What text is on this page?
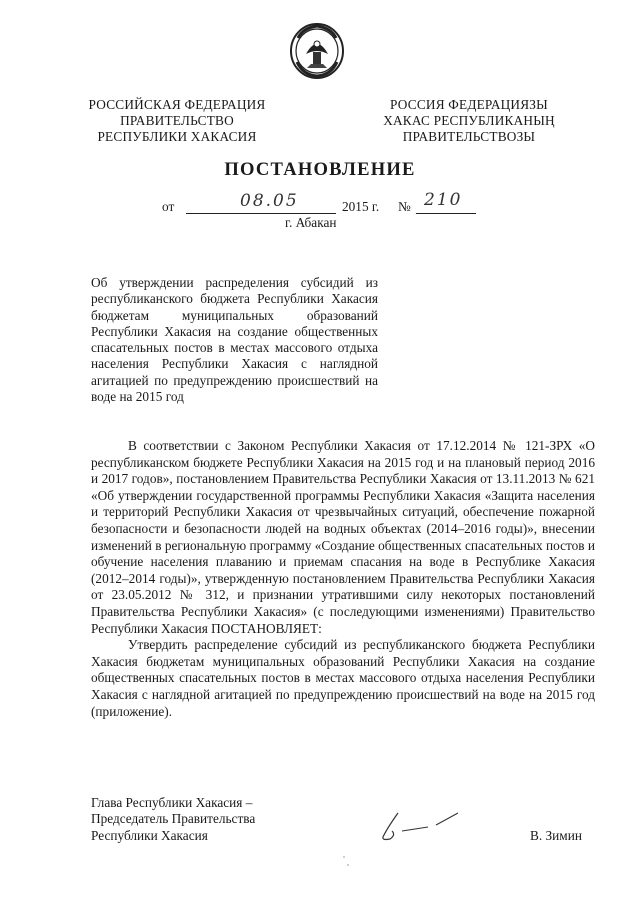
РОССИЙСКАЯ ФЕДЕРАЦИЯ
ПРАВИТЕЛЬСТВО
РЕСПУБЛИКИ ХАКАСИЯ
РОССИЯ ФЕДЕРАЦИЯЗЫ
ХАКАС РЕСПУБЛИКАНЫҢ
ПРАВИТЕЛЬСТВОЗЫ
ПОСТАНОВЛЕНИЕ
от	08.05	2015 г. № 210
г. Абакан
Об утверждении распределения субсидий из республиканского бюджета Республики Хакасия бюджетам муниципальных образований Республики Хакасия на создание общественных спасательных постов в местах массового отдыха населения Республики Хакасия с наглядной агитацией по предупреждению происшествий на воде на 2015 год

В соответствии с Законом Республики Хакасия от 17.12.2014 № 121-ЗРХ «О республиканском бюджете Республики Хакасия на 2015 год и на плановый период 2016 и 2017 годов», постановлением Правительства Республики Хакасия от 13.11.2013 № 621 «Об утверждении государственной программы Республики Хакасия «Защита населения и территорий Республики Хакасия от чрезвычайных ситуаций, обеспечение пожарной безопасности и безопасности людей на водных объектах (2014–2016 годы)», внесении изменений в региональную программу «Создание общественных спасательных постов и обучение населения плаванию и приемам спасания на воде в Республике Хакасия (2012–2014 годы)», утвержденную постановлением Правительства Республики Хакасия от 23.05.2012 № 312, и признании утратившими силу некоторых постановлений Правительства Республики Хакасия» (с последующими изменениями) Правительство Республики Хакасия ПОСТАНОВЛЯЕТ:

Утвердить распределение субсидий из республиканского бюджета Республики Хакасия бюджетам муниципальных образований Республики Хакасия на создание общественных спасательных постов в местах массового отдыха населения Республики Хакасия с наглядной агитацией по предупреждению происшествий на воде на 2015 год (приложение).

Глава Республики Хакасия –
Председатель Правительства
Республики Хакасия	В. Зимин
